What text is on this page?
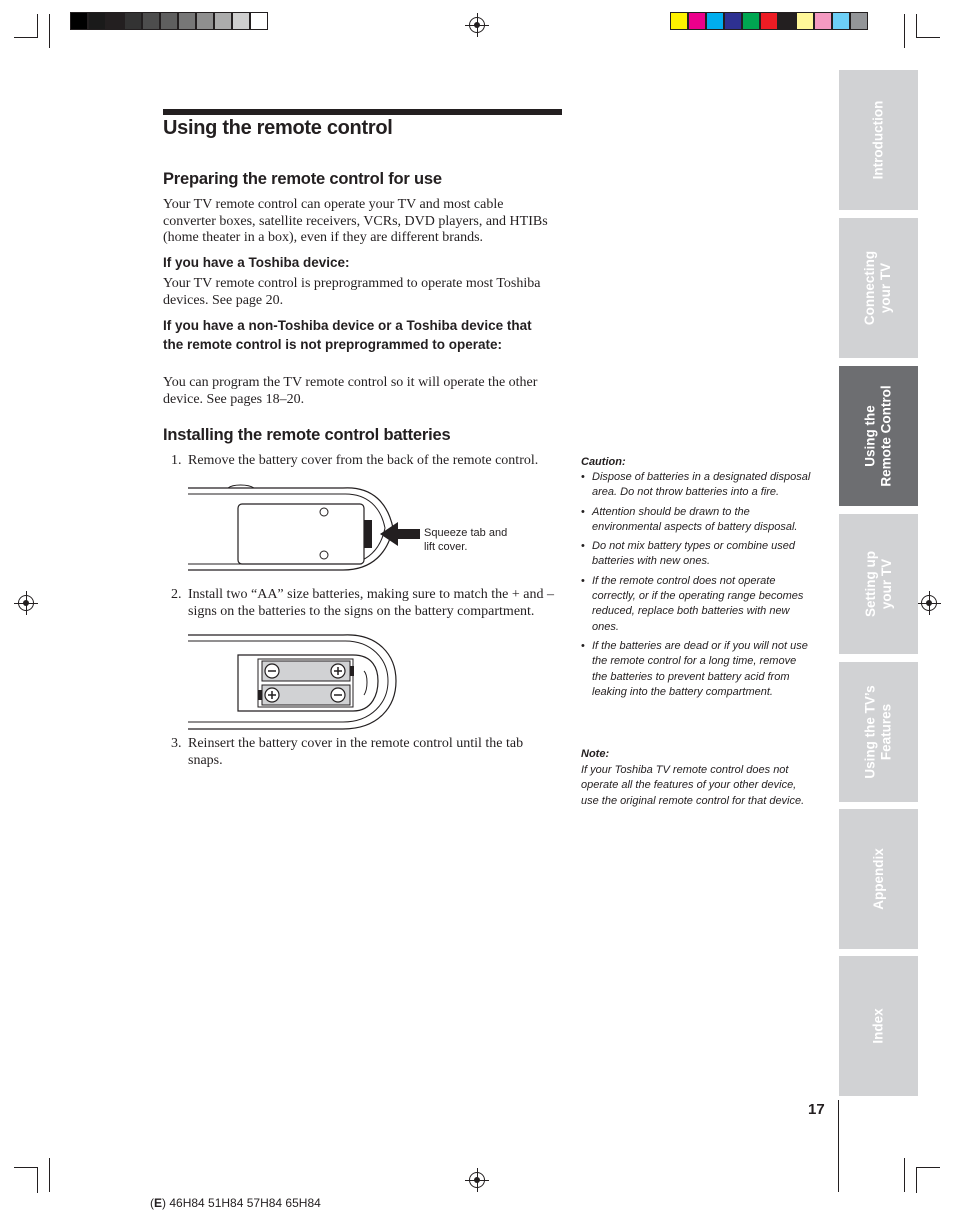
Using the remote control
Preparing the remote control for use

Your TV remote control can operate your TV and most cable converter boxes, satellite receivers, VCRs, DVD players, and HTIBs (home theater in a box), even if they are different brands.

If you have a Toshiba device:

Your TV remote control is preprogrammed to operate most Toshiba devices. See page 20.

If you have a non-Toshiba device or a Toshiba device that the remote control is not preprogrammed to operate:

You can program the TV remote control so it will operate the other device. See pages 18–20.

Installing the remote control batteries
1. Remove the battery cover from the back of the remote control.
Squeeze tab and
lift cover.
2. Install two “AA” size batteries, making sure to match the + and – signs on the batteries to the signs on the battery compartment.
3. Reinsert the battery cover in the remote control until the tab snaps.
Caution:
• Dispose of batteries in a designated disposal area. Do not throw batteries into a fire.
• Attention should be drawn to the environmental aspects of battery disposal.
• Do not mix battery types or combine used batteries with new ones.
• If the remote control does not operate correctly, or if the operating range becomes reduced, replace both batteries with new ones.
• If the batteries are dead or if you will not use the remote control for a long time, remove the batteries to prevent battery acid from leaking into the battery compartment.
Note:
If your Toshiba TV remote control does not operate all the features of your other device, use the original remote control for that device.
Introduction
Connecting
your TV
Using the
Remote Control
Setting up
your TV
Using the TV’s
Features
Appendix
Index
17
(E) 46H84 51H84 57H84 65H84
